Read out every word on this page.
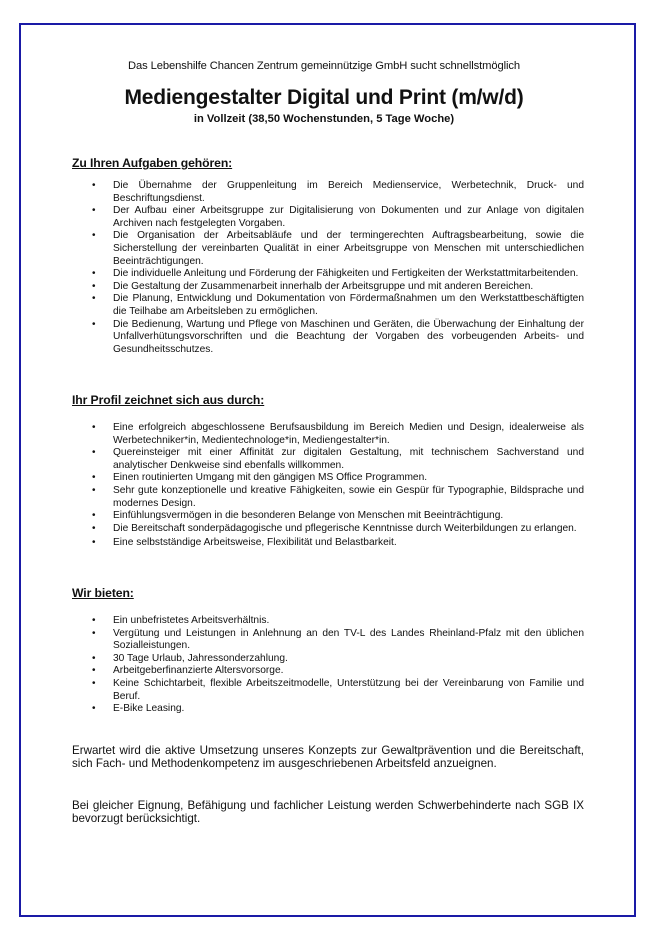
Das Lebenshilfe Chancen Zentrum gemeinnützige GmbH sucht schnellstmöglich
Mediengestalter Digital und Print (m/w/d)
in Vollzeit (38,50 Wochenstunden, 5 Tage Woche)
Zu Ihren Aufgaben gehören:
• Die Übernahme der Gruppenleitung im Bereich Medienservice, Werbetechnik, Druck- und Beschriftungsdienst.
• Der Aufbau einer Arbeitsgruppe zur Digitalisierung von Dokumenten und zur Anlage von digitalen Archiven nach festgelegten Vorgaben.
• Die Organisation der Arbeitsabläufe und der termingerechten Auftragsbearbeitung, sowie die Sicherstellung der vereinbarten Qualität in einer Arbeitsgruppe von Menschen mit unterschiedlichen Beeinträchtigungen.
• Die individuelle Anleitung und Förderung der Fähigkeiten und Fertigkeiten der Werkstattmitarbeitenden.
• Die Gestaltung der Zusammenarbeit innerhalb der Arbeitsgruppe und mit anderen Bereichen.
• Die Planung, Entwicklung und Dokumentation von Fördermaßnahmen um den Werkstattbeschäftigten die Teilhabe am Arbeitsleben zu ermöglichen.
• Die Bedienung, Wartung und Pflege von Maschinen und Geräten, die Überwachung der Einhaltung der Unfallverhütungsvorschriften und die Beachtung der Vorgaben des vorbeugenden Arbeits- und Gesundheitsschutzes.
Ihr Profil zeichnet sich aus durch:
• Eine erfolgreich abgeschlossene Berufsausbildung im Bereich Medien und Design, idealerweise als Werbetechniker*in, Medientechnologe*in, Mediengestalter*in.
• Quereinsteiger mit einer Affinität zur digitalen Gestaltung, mit technischem Sachverstand und analytischer Denkweise sind ebenfalls willkommen.
• Einen routinierten Umgang mit den gängigen MS Office Programmen.
• Sehr gute konzeptionelle und kreative Fähigkeiten, sowie ein Gespür für Typographie, Bildsprache und modernes Design.
• Einfühlungsvermögen in die besonderen Belange von Menschen mit Beeinträchtigung.
• Die Bereitschaft sonderpädagogische und pflegerische Kenntnisse durch Weiterbildungen zu erlangen.
• Eine selbstständige Arbeitsweise, Flexibilität und Belastbarkeit.
Wir bieten:
• Ein unbefristetes Arbeitsverhältnis.
• Vergütung und Leistungen in Anlehnung an den TV-L des Landes Rheinland-Pfalz mit den üblichen Sozialleistungen.
• 30 Tage Urlaub, Jahressonderzahlung.
• Arbeitgeberfinanzierte Altersvorsorge.
• Keine Schichtarbeit, flexible Arbeitszeitmodelle, Unterstützung bei der Vereinbarung von Familie und Beruf.
• E-Bike Leasing.
Erwartet wird die aktive Umsetzung unseres Konzepts zur Gewaltprävention und die Bereitschaft, sich Fach- und Methodenkompetenz im ausgeschriebenen Arbeitsfeld anzueignen.
Bei gleicher Eignung, Befähigung und fachlicher Leistung werden Schwerbehinderte nach SGB IX bevorzugt berücksichtigt.
